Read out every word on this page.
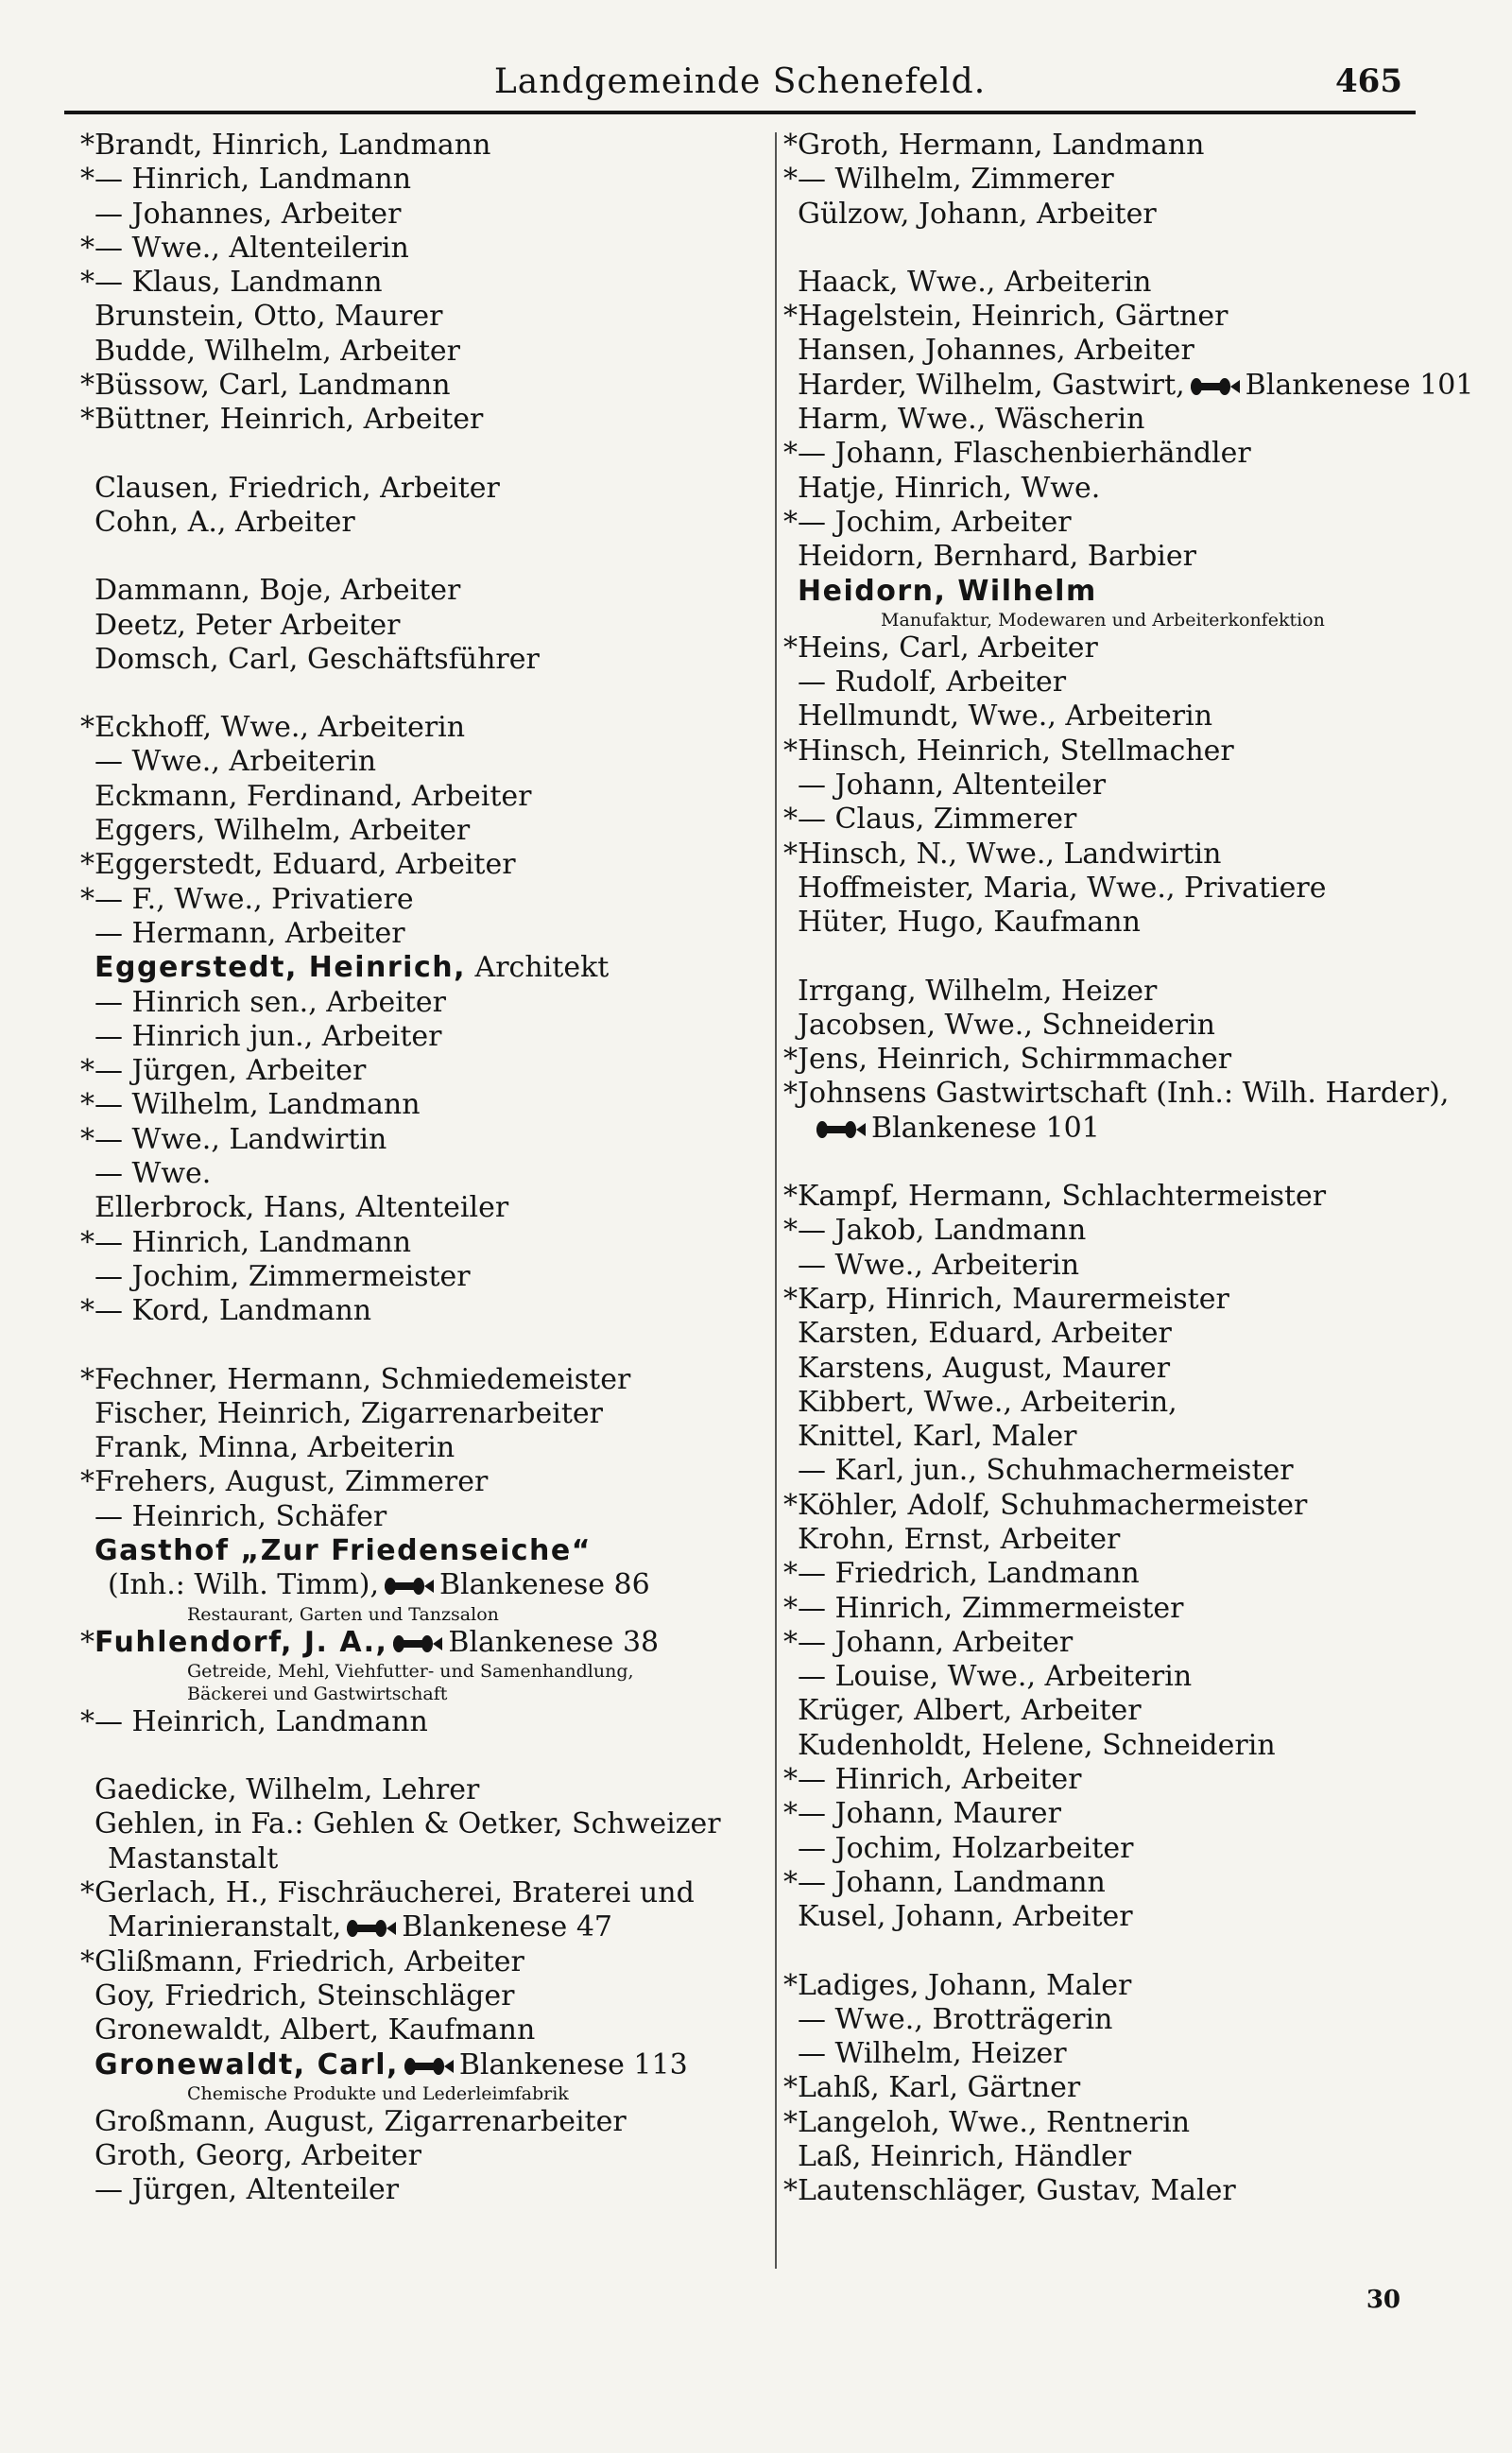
Landgemeinde Schenefeld.	465
*Brandt, Hinrich, Landmann
*— Hinrich, Landmann
— Johannes, Arbeiter
*— Wwe., Altenteilerin
*— Klaus, Landmann
Brunstein, Otto, Maurer
Budde, Wilhelm, Arbeiter
*Büssow, Carl, Landmann
*Büttner, Heinrich, Arbeiter
Clausen, Friedrich, Arbeiter
Cohn, A., Arbeiter
Dammann, Boje, Arbeiter
Deetz, Peter Arbeiter
Domsch, Carl, Geschäftsführer
*Eckhoff, Wwe., Arbeiterin
— Wwe., Arbeiterin
Eckmann, Ferdinand, Arbeiter
Eggers, Wilhelm, Arbeiter
*Eggerstedt, Eduard, Arbeiter
*— F., Wwe., Privatiere
— Hermann, Arbeiter
Eggerstedt, Heinrich, Architekt
— Hinrich sen., Arbeiter
— Hinrich jun., Arbeiter
*— Jürgen, Arbeiter
*— Wilhelm, Landmann
*— Wwe., Landwirtin
— Wwe.
Ellerbrock, Hans, Altenteiler
*— Hinrich, Landmann
— Jochim, Zimmermeister
*— Kord, Landmann
*Fechner, Hermann, Schmiedemeister
Fischer, Heinrich, Zigarrenarbeiter
Frank, Minna, Arbeiterin
*Frehers, August, Zimmerer
— Heinrich, Schäfer
Gasthof „Zur Friedenseiche“
(Inh.: Wilh. Timm), Blankenese 86
Restaurant, Garten und Tanzsalon
*Fuhlendorf, J. A., Blankenese 38
Getreide, Mehl, Viehfutter- und Samenhandlung,
Bäckerei und Gastwirtschaft
*— Heinrich, Landmann
Gaedicke, Wilhelm, Lehrer
Gehlen, in Fa.: Gehlen & Oetker, Schweizer
Mastanstalt
*Gerlach, H., Fischräucherei, Braterei und
Marinieranstalt, Blankenese 47
*Glißmann, Friedrich, Arbeiter
Goy, Friedrich, Steinschläger
Gronewaldt, Albert, Kaufmann
Gronewaldt, Carl, Blankenese 113
Chemische Produkte und Lederleimfabrik
Großmann, August, Zigarrenarbeiter
Groth, Georg, Arbeiter
— Jürgen, Altenteiler
*Groth, Hermann, Landmann
*— Wilhelm, Zimmerer
Gülzow, Johann, Arbeiter
Haack, Wwe., Arbeiterin
*Hagelstein, Heinrich, Gärtner
Hansen, Johannes, Arbeiter
Harder, Wilhelm, Gastwirt, Blankenese 101
Harm, Wwe., Wäscherin
*— Johann, Flaschenbierhändler
Hatje, Hinrich, Wwe.
*— Jochim, Arbeiter
Heidorn, Bernhard, Barbier
Heidorn, Wilhelm
Manufaktur, Modewaren und Arbeiterkonfektion
*Heins, Carl, Arbeiter
— Rudolf, Arbeiter
Hellmundt, Wwe., Arbeiterin
*Hinsch, Heinrich, Stellmacher
— Johann, Altenteiler
*— Claus, Zimmerer
*Hinsch, N., Wwe., Landwirtin
Hoffmeister, Maria, Wwe., Privatiere
Hüter, Hugo, Kaufmann
Irrgang, Wilhelm, Heizer
Jacobsen, Wwe., Schneiderin
*Jens, Heinrich, Schirmmacher
*Johnsens Gastwirtschaft (Inh.: Wilh. Harder),
Blankenese 101
*Kampf, Hermann, Schlachtermeister
*— Jakob, Landmann
— Wwe., Arbeiterin
*Karp, Hinrich, Maurermeister
Karsten, Eduard, Arbeiter
Karstens, August, Maurer
Kibbert, Wwe., Arbeiterin,
Knittel, Karl, Maler
— Karl, jun., Schuhmachermeister
*Köhler, Adolf, Schuhmachermeister
Krohn, Ernst, Arbeiter
*— Friedrich, Landmann
*— Hinrich, Zimmermeister
*— Johann, Arbeiter
— Louise, Wwe., Arbeiterin
Krüger, Albert, Arbeiter
Kudenholdt, Helene, Schneiderin
*— Hinrich, Arbeiter
*— Johann, Maurer
— Jochim, Holzarbeiter
*— Johann, Landmann
Kusel, Johann, Arbeiter
*Ladiges, Johann, Maler
— Wwe., Brotträgerin
— Wilhelm, Heizer
*Lahß, Karl, Gärtner
*Langeloh, Wwe., Rentnerin
Laß, Heinrich, Händler
*Lautenschläger, Gustav, Maler
30
